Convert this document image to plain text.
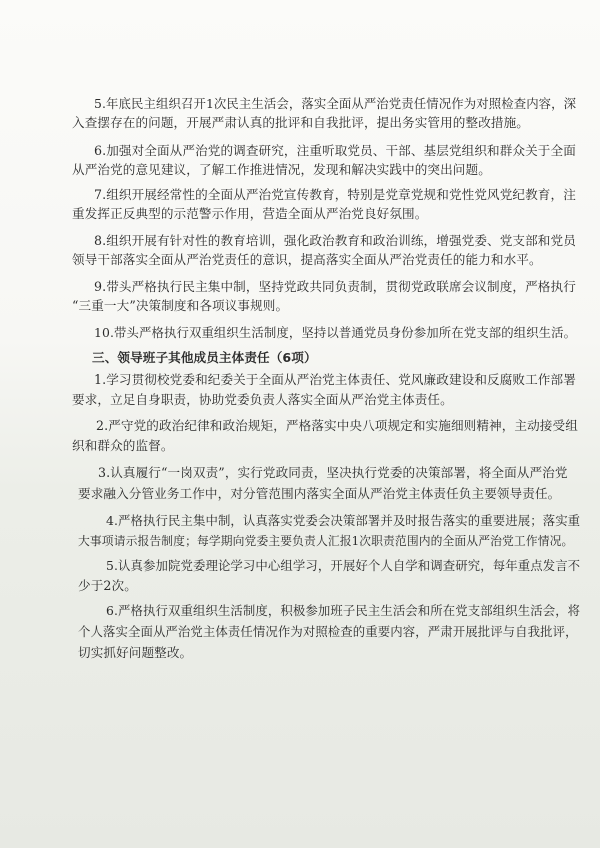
5.年底民主组织召开1次民主生活会，落实全面从严治党责任情况作为对照检查内容，深
入查摆存在的问题，开展严肃认真的批评和自我批评，提出务实管用的整改措施。
6.加强对全面从严治党的调查研究，注重听取党员、干部、基层党组织和群众关于全面
从严治党的意见建议，了解工作推进情况，发现和解决实践中的突出问题。
7.组织开展经常性的全面从严治党宣传教育，特别是党章党规和党性党风党纪教育，注
重发挥正反典型的示范警示作用，营造全面从严治党良好氛围。
8.组织开展有针对性的教育培训，强化政治教育和政治训练，增强党委、党支部和党员
领导干部落实全面从严治党责任的意识，提高落实全面从严治党责任的能力和水平。
9.带头严格执行民主集中制，坚持党政共同负责制，贯彻党政联席会议制度，严格执行
“三重一大”决策制度和各项议事规则。
10.带头严格执行双重组织生活制度，坚持以普通党员身份参加所在党支部的组织生活。
三、领导班子其他成员主体责任（6项）
1.学习贯彻校党委和纪委关于全面从严治党主体责任、党风廉政建设和反腐败工作部署
要求，立足自身职责，协助党委负责人落实全面从严治党主体责任。
2.严守党的政治纪律和政治规矩，严格落实中央八项规定和实施细则精神，主动接受组
织和群众的监督。
3.认真履行“一岗双责”，实行党政同责，坚决执行党委的决策部署，将全面从严治党
要求融入分管业务工作中，对分管范围内落实全面从严治党主体责任负主要领导责任。
4.严格执行民主集中制，认真落实党委会决策部署并及时报告落实的重要进展；落实重
大事项请示报告制度；每学期向党委主要负责人汇报1次职责范围内的全面从严治党工作情况。
5.认真参加院党委理论学习中心组学习，开展好个人自学和调查研究，每年重点发言不
少于2次。
6.严格执行双重组织生活制度，积极参加班子民主生活会和所在党支部组织生活会，将
个人落实全面从严治党主体责任情况作为对照检查的重要内容，严肃开展批评与自我批评，
切实抓好问题整改。
